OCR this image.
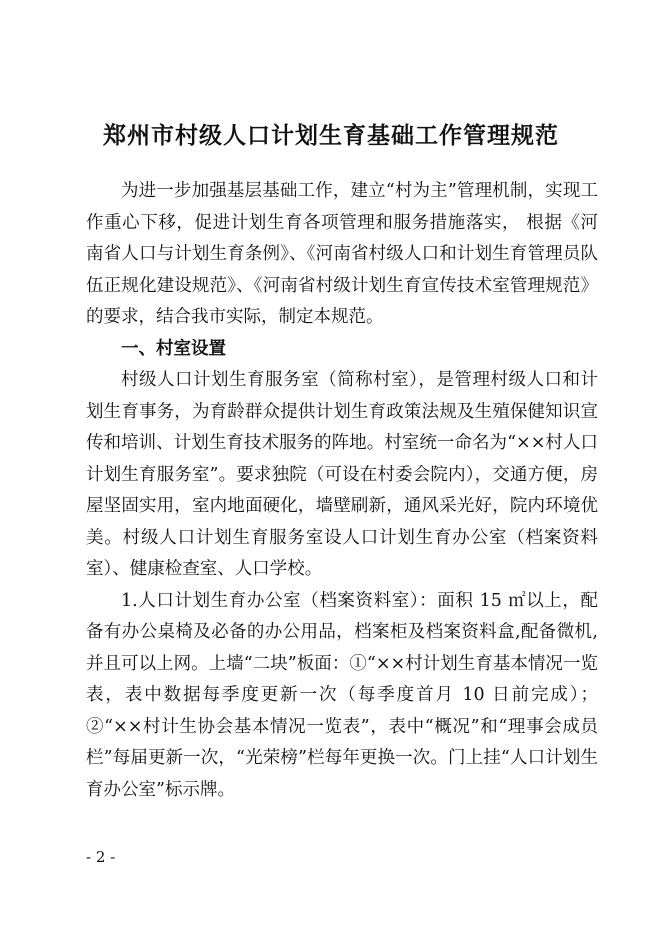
郑州市村级人口计划生育基础工作管理规范

为进一步加强基层基础工作，建立“村为主”管理机制，实现工作重心下移，促进计划生育各项管理和服务措施落实， 根据《河南省人口与计划生育条例》、《河南省村级人口和计划生育管理员队伍正规化建设规范》、《河南省村级计划生育宣传技术室管理规范》的要求，结合我市实际，制定本规范。

一、村室设置

村级人口计划生育服务室（简称村室），是管理村级人口和计划生育事务，为育龄群众提供计划生育政策法规及生殖保健知识宣传和培训、计划生育技术服务的阵地。村室统一命名为“××村人口计划生育服务室”。要求独院（可设在村委会院内），交通方便，房屋坚固实用，室内地面硬化，墙壁刷新，通风采光好，院内环境优美。村级人口计划生育服务室设人口计划生育办公室（档案资料室）、健康检查室、人口学校。

1.人口计划生育办公室（档案资料室）：面积 15 ㎡以上，配备有办公桌椅及必备的办公用品，档案柜及档案资料盒,配备微机,并且可以上网。上墙“二块”板面：①“××村计划生育基本情况一览表，表中数据每季度更新一次（每季度首月 10 日前完成）；②“××村计生协会基本情况一览表”，表中“概况”和“理事会成员栏”每届更新一次，“光荣榜”栏每年更换一次。门上挂“人口计划生育办公室”标示牌。

- 2 -
